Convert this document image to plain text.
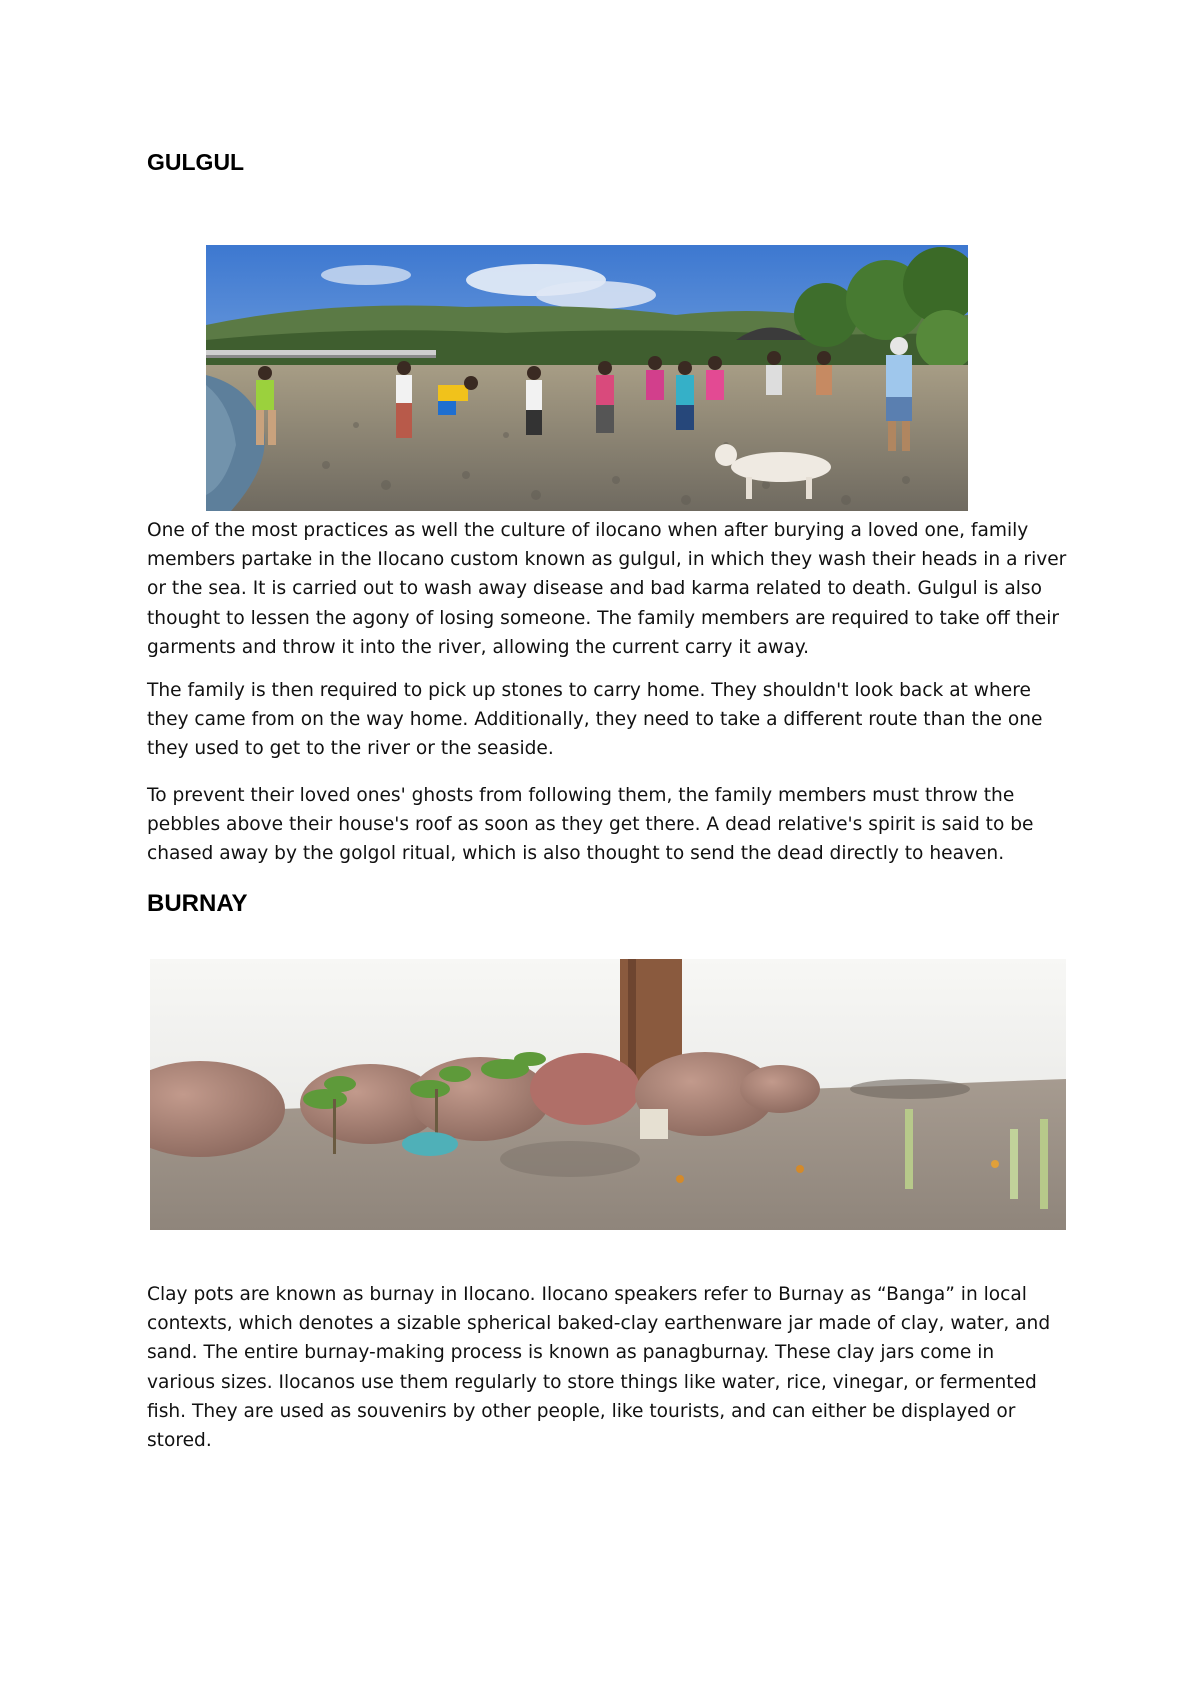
GULGUL

One of the most practices as well the culture of ilocano when after burying a loved one, family members partake in the Ilocano custom known as gulgul, in which they wash their heads in a river or the sea. It is carried out to wash away disease and bad karma related to death. Gulgul is also thought to lessen the agony of losing someone. The family members are required to take off their garments and throw it into the river, allowing the current carry it away.

The family is then required to pick up stones to carry home. They shouldn't look back at where they came from on the way home. Additionally, they need to take a different route than the one they used to get to the river or the seaside.

To prevent their loved ones' ghosts from following them, the family members must throw the pebbles above their house's roof as soon as they get there. A dead relative's spirit is said to be chased away by the golgol ritual, which is also thought to send the dead directly to heaven.

BURNAY

Clay pots are known as burnay in Ilocano. Ilocano speakers refer to Burnay as “Banga” in local contexts, which denotes a sizable spherical baked-clay earthenware jar made of clay, water, and sand. The entire burnay-making process is known as panagburnay. These clay jars come in various sizes. Ilocanos use them regularly to store things like water, rice, vinegar, or fermented fish. They are used as souvenirs by other people, like tourists, and can either be displayed or stored.
